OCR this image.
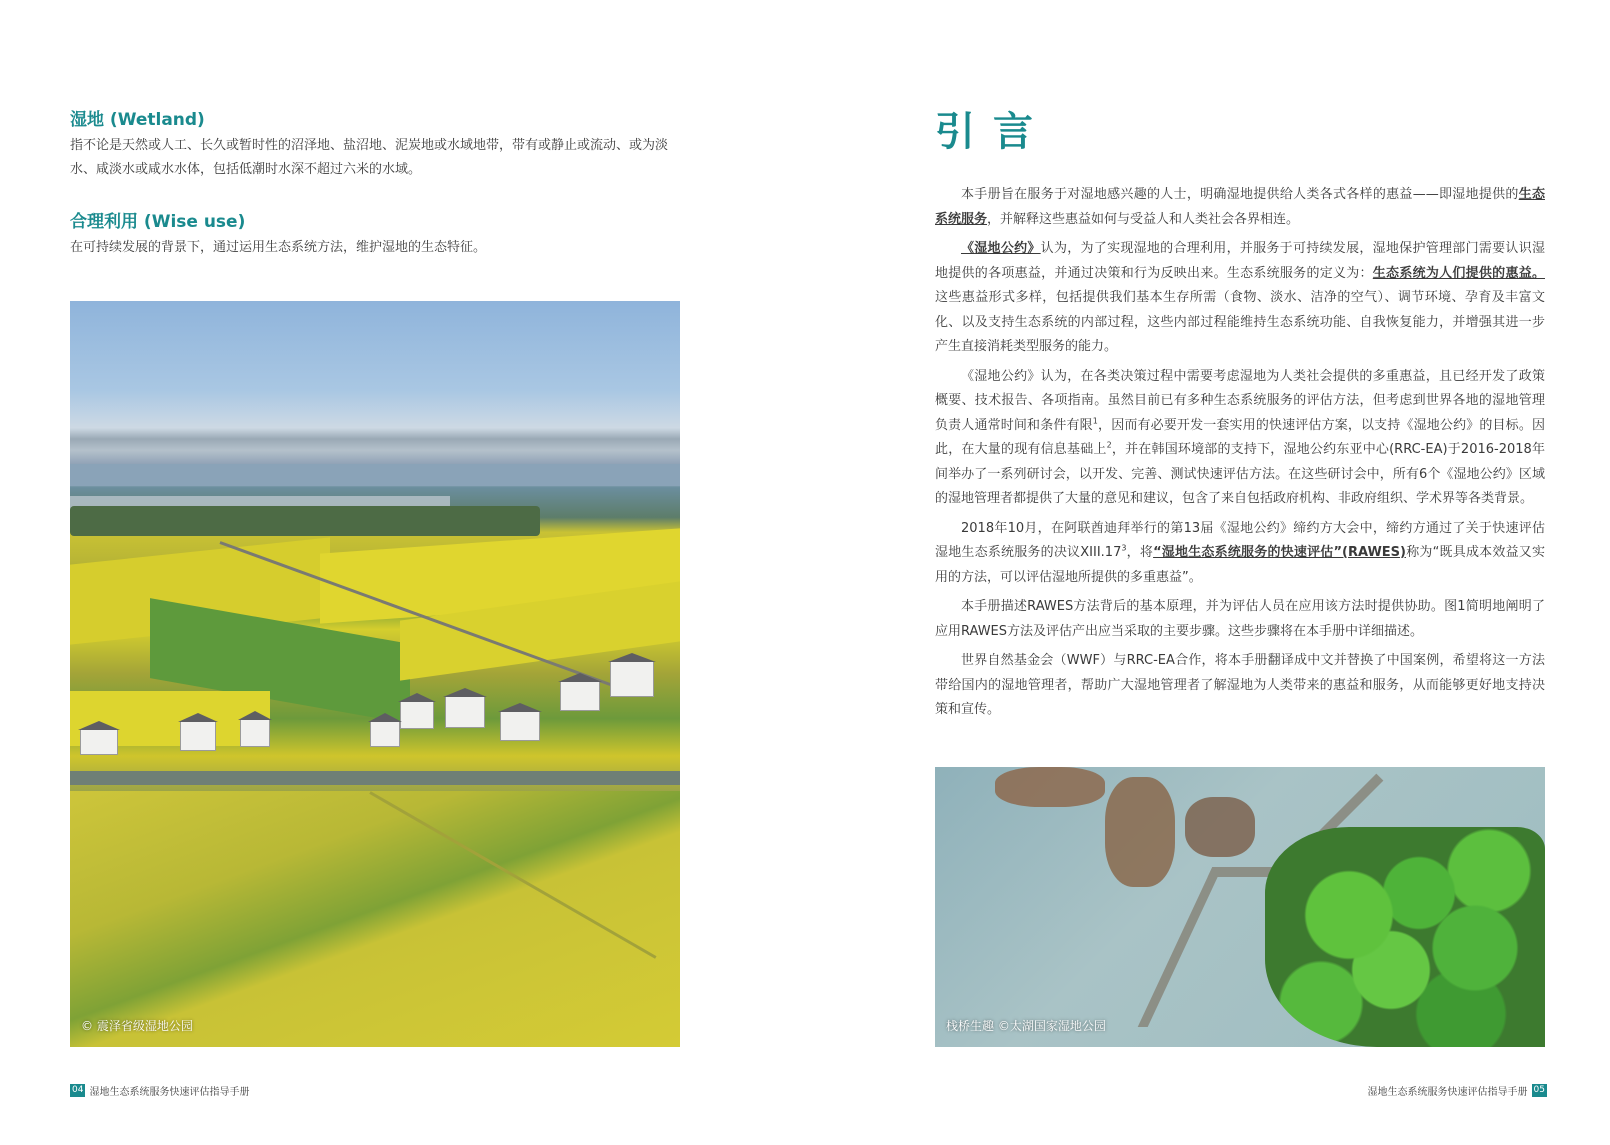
湿地 (Wetland)
指不论是天然或人工、长久或暂时性的沼泽地、盐沼地、泥炭地或水域地带，带有或静止或流动、或为淡水、咸淡水或咸水水体，包括低潮时水深不超过六米的水域。
合理利用 (Wise use)
在可持续发展的背景下，通过运用生态系统方法，维护湿地的生态特征。
© 震泽省级湿地公园
04 湿地生态系统服务快速评估指导手册
引言

本手册旨在服务于对湿地感兴趣的人士，明确湿地提供给人类各式各样的惠益——即湿地提供的生态系统服务，并解释这些惠益如何与受益人和人类社会各界相连。

《湿地公约》认为，为了实现湿地的合理利用，并服务于可持续发展，湿地保护管理部门需要认识湿地提供的各项惠益，并通过决策和行为反映出来。生态系统服务的定义为：生态系统为人们提供的惠益。这些惠益形式多样，包括提供我们基本生存所需（食物、淡水、洁净的空气）、调节环境、孕育及丰富文化、以及支持生态系统的内部过程，这些内部过程能维持生态系统功能、自我恢复能力，并增强其进一步产生直接消耗类型服务的能力。

《湿地公约》认为，在各类决策过程中需要考虑湿地为人类社会提供的多重惠益，且已经开发了政策概要、技术报告、各项指南。虽然目前已有多种生态系统服务的评估方法，但考虑到世界各地的湿地管理负责人通常时间和条件有限$^1$，因而有必要开发一套实用的快速评估方案，以支持《湿地公约》的目标。因此，在大量的现有信息基础上$^2$，并在韩国环境部的支持下，湿地公约东亚中心(RRC-EA)于2016-2018年间举办了一系列研讨会，以开发、完善、测试快速评估方法。在这些研讨会中，所有6个《湿地公约》区域的湿地管理者都提供了大量的意见和建议，包含了来自包括政府机构、非政府组织、学术界等各类背景。

2018年10月，在阿联酋迪拜举行的第13届《湿地公约》缔约方大会中，缔约方通过了关于快速评估湿地生态系统服务的决议$XIII.17^3$，将“湿地生态系统服务的快速评估”(RAWES)称为“既具成本效益又实用的方法，可以评估湿地所提供的多重惠益”。

本手册描述RAWES方法背后的基本原理，并为评估人员在应用该方法时提供协助。图1简明地阐明了应用RAWES方法及评估产出应当采取的主要步骤。这些步骤将在本手册中详细描述。

世界自然基金会（WWF）与RRC-EA合作，将本手册翻译成中文并替换了中国案例，希望将这一方法带给国内的湿地管理者，帮助广大湿地管理者了解湿地为人类带来的惠益和服务，从而能够更好地支持决策和宣传。

栈桥生趣 ©太湖国家湿地公园
湿地生态系统服务快速评估指导手册 05
